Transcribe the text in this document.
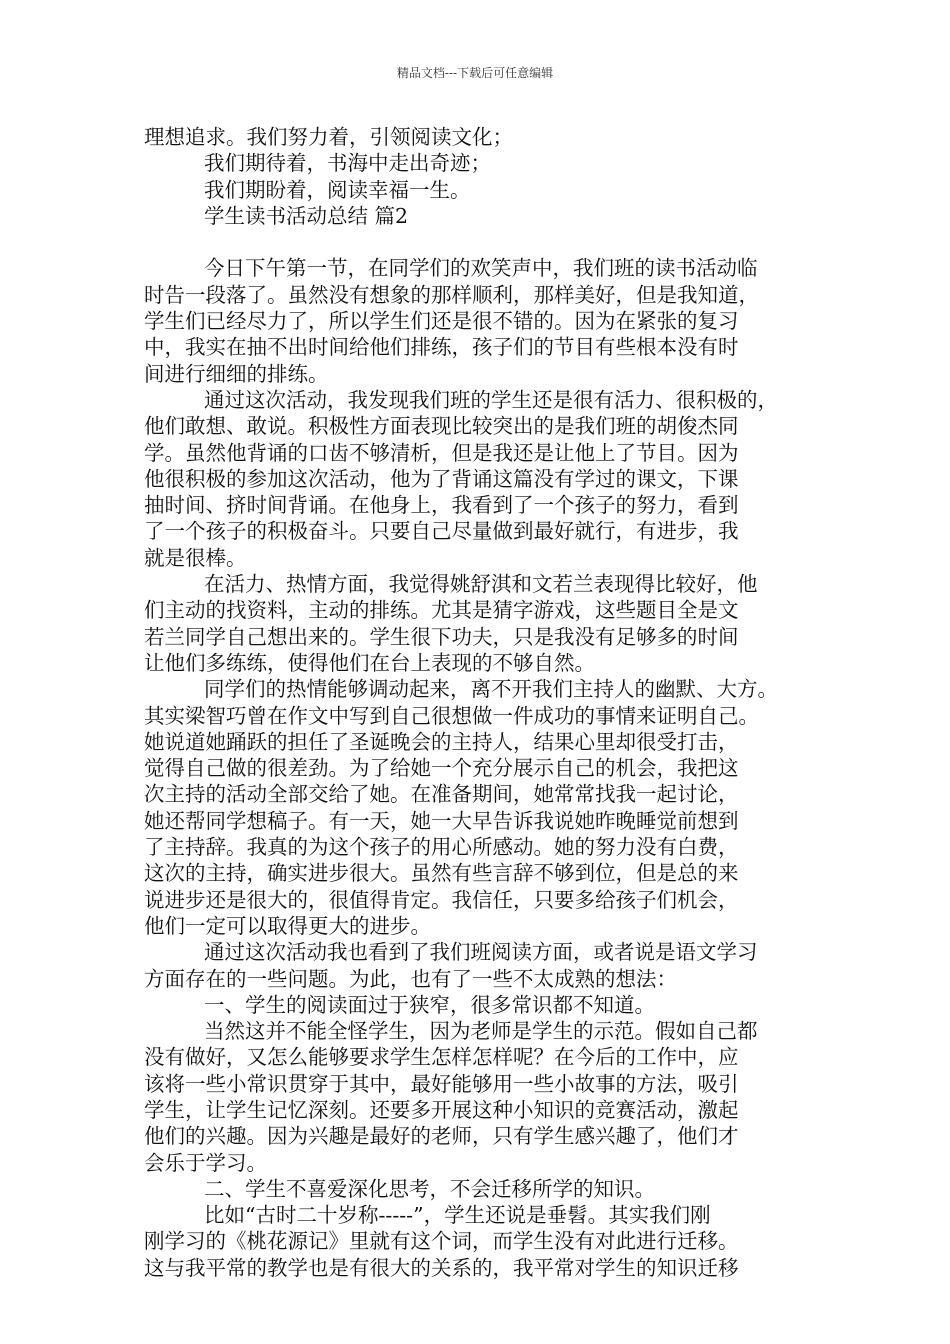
精品文档---下载后可任意编辑
理想追求。我们努力着，引领阅读文化；
我们期待着，书海中走出奇迹；
我们期盼着，阅读幸福一生。
学生读书活动总结 篇2
今日下午第一节，在同学们的欢笑声中，我们班的读书活动临
时告一段落了。虽然没有想象的那样顺利，那样美好，但是我知道，
学生们已经尽力了，所以学生们还是很不错的。因为在紧张的复习
中，我实在抽不出时间给他们排练，孩子们的节目有些根本没有时
间进行细细的排练。
通过这次活动，我发现我们班的学生还是很有活力、很积极的，
他们敢想、敢说。积极性方面表现比较突出的是我们班的胡俊杰同
学。虽然他背诵的口齿不够清析，但是我还是让他上了节目。因为
他很积极的参加这次活动，他为了背诵这篇没有学过的课文，下课
抽时间、挤时间背诵。在他身上，我看到了一个孩子的努力，看到
了一个孩子的积极奋斗。只要自己尽量做到最好就行，有进步，我
就是很棒。
在活力、热情方面，我觉得姚舒淇和文若兰表现得比较好，他
们主动的找资料，主动的排练。尤其是猜字游戏，这些题目全是文
若兰同学自己想出来的。学生很下功夫，只是我没有足够多的时间
让他们多练练，使得他们在台上表现的不够自然。
同学们的热情能够调动起来，离不开我们主持人的幽默、大方。
其实梁智巧曾在作文中写到自己很想做一件成功的事情来证明自己。
她说道她踊跃的担任了圣诞晚会的主持人，结果心里却很受打击，
觉得自己做的很差劲。为了给她一个充分展示自己的机会，我把这
次主持的活动全部交给了她。在准备期间，她常常找我一起讨论，
她还帮同学想稿子。有一天，她一大早告诉我说她昨晚睡觉前想到
了主持辞。我真的为这个孩子的用心所感动。她的努力没有白费，
这次的主持，确实进步很大。虽然有些言辞不够到位，但是总的来
说进步还是很大的，很值得肯定。我信任，只要多给孩子们机会，
他们一定可以取得更大的进步。
通过这次活动我也看到了我们班阅读方面，或者说是语文学习
方面存在的一些问题。为此，也有了一些不太成熟的想法：
一、学生的阅读面过于狭窄，很多常识都不知道。
当然这并不能全怪学生，因为老师是学生的示范。假如自己都
没有做好，又怎么能够要求学生怎样怎样呢？在今后的工作中，应
该将一些小常识贯穿于其中，最好能够用一些小故事的方法，吸引
学生，让学生记忆深刻。还要多开展这种小知识的竞赛活动，激起
他们的兴趣。因为兴趣是最好的老师，只有学生感兴趣了，他们才
会乐于学习。
二、学生不喜爱深化思考，不会迁移所学的知识。
比如“古时二十岁称-----”，学生还说是垂髫。其实我们刚
刚学习的《桃花源记》里就有这个词，而学生没有对此进行迁移。
这与我平常的教学也是有很大的关系的，我平常对学生的知识迁移
